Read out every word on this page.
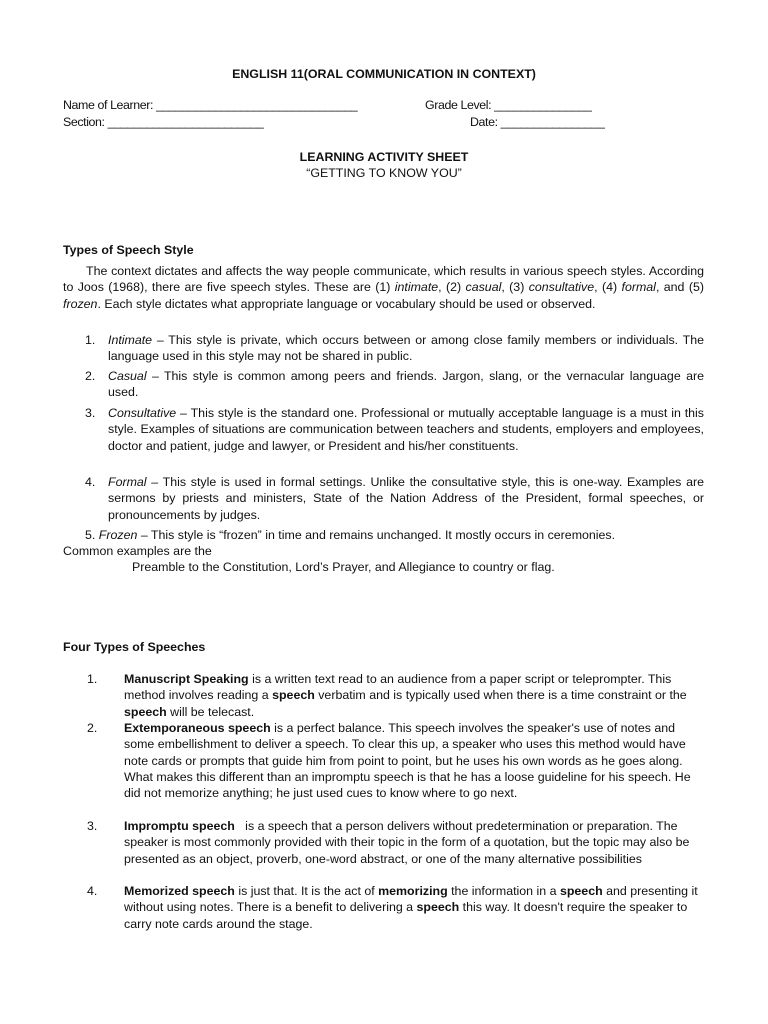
ENGLISH 11(ORAL COMMUNICATION IN CONTEXT)
Name of Learner: _______________________________	Grade Level: _______________
Section: ________________________	Date: ________________
LEARNING ACTIVITY SHEET
“GETTING TO KNOW YOU”
Types of Speech Style
The context dictates and affects the way people communicate, which results in various speech styles. According to Joos (1968), there are five speech styles. These are (1) intimate, (2) casual, (3) consultative, (4) formal, and (5) frozen. Each style dictates what appropriate language or vocabulary should be used or observed.
1. Intimate – This style is private, which occurs between or among close family members or individuals. The language used in this style may not be shared in public.
2. Casual – This style is common among peers and friends. Jargon, slang, or the vernacular language are used.
3. Consultative – This style is the standard one. Professional or mutually acceptable language is a must in this style. Examples of situations are communication between teachers and students, employers and employees, doctor and patient, judge and lawyer, or President and his/her constituents.
4. Formal – This style is used in formal settings. Unlike the consultative style, this is one-way. Examples are sermons by priests and ministers, State of the Nation Address of the President, formal speeches, or pronouncements by judges.
5. Frozen – This style is “frozen” in time and remains unchanged. It mostly occurs in ceremonies.
Common examples are the
Preamble to the Constitution, Lord’s Prayer, and Allegiance to country or flag.
Four Types of Speeches
1. Manuscript Speaking is a written text read to an audience from a paper script or teleprompter. This method involves reading a speech verbatim and is typically used when there is a time constraint or the speech will be telecast.
2. Extemporaneous speech is a perfect balance. This speech involves the speaker's use of notes and some embellishment to deliver a speech. To clear this up, a speaker who uses this method would have note cards or prompts that guide him from point to point, but he uses his own words as he goes along. What makes this different than an impromptu speech is that he has a loose guideline for his speech. He did not memorize anything; he just used cues to know where to go next.
3. Impromptu speech   is a speech that a person delivers without predetermination or preparation. The speaker is most commonly provided with their topic in the form of a quotation, but the topic may also be presented as an object, proverb, one-word abstract, or one of the many alternative possibilities
4. Memorized speech is just that. It is the act of memorizing the information in a speech and presenting it without using notes. There is a benefit to delivering a speech this way. It doesn't require the speaker to carry note cards around the stage.
